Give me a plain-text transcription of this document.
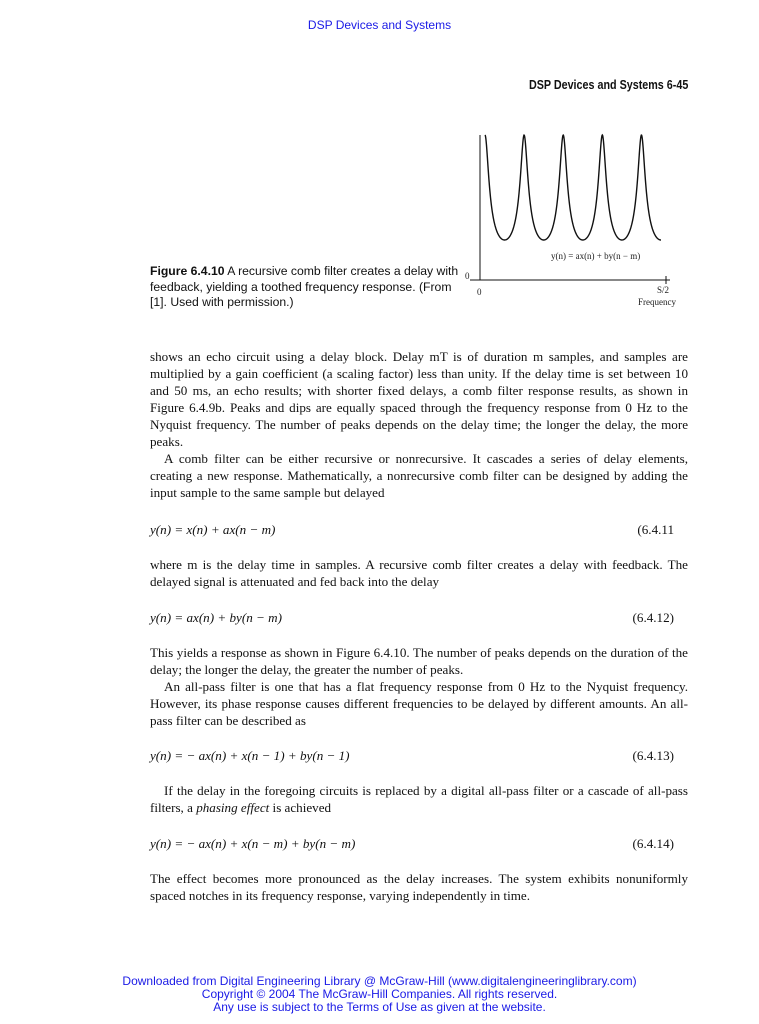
DSP Devices and Systems
DSP Devices and Systems 6-45
y(n) = ax(n) + by(n − m)
0
0	S/2
Frequency
Figure 6.4.10 A recursive comb filter creates a delay with feedback, yielding a toothed frequency response. (From [1]. Used with permission.)

shows an echo circuit using a delay block. Delay mT is of duration m samples, and samples are multiplied by a gain coefficient (a scaling factor) less than unity. If the delay time is set between 10 and 50 ms, an echo results; with shorter fixed delays, a comb filter response results, as shown in Figure 6.4.9b. Peaks and dips are equally spaced through the frequency response from 0 Hz to the Nyquist frequency. The number of peaks depends on the delay time; the longer the delay, the more peaks.

A comb filter can be either recursive or nonrecursive. It cascades a series of delay elements, creating a new response. Mathematically, a nonrecursive comb filter can be designed by adding the input sample to the same sample but delayed

y(n) = x(n) + ax(n − m)	(6.4.11

where m is the delay time in samples. A recursive comb filter creates a delay with feedback. The delayed signal is attenuated and fed back into the delay

y(n) = ax(n) + by(n − m)	(6.4.12)

This yields a response as shown in Figure 6.4.10. The number of peaks depends on the duration of the delay; the longer the delay, the greater the number of peaks.

An all-pass filter is one that has a flat frequency response from 0 Hz to the Nyquist frequency. However, its phase response causes different frequencies to be delayed by different amounts. An all-pass filter can be described as

y(n) = − ax(n) + x(n − 1) + by(n − 1)	(6.4.13)

If the delay in the foregoing circuits is replaced by a digital all-pass filter or a cascade of all-pass filters, a phasing effect is achieved

y(n) = − ax(n) + x(n − m) + by(n − m)	(6.4.14)

The effect becomes more pronounced as the delay increases. The system exhibits nonuniformly spaced notches in its frequency response, varying independently in time.

Downloaded from Digital Engineering Library @ McGraw-Hill (www.digitalengineeringlibrary.com)
Copyright © 2004 The McGraw-Hill Companies. All rights reserved.
Any use is subject to the Terms of Use as given at the website.
